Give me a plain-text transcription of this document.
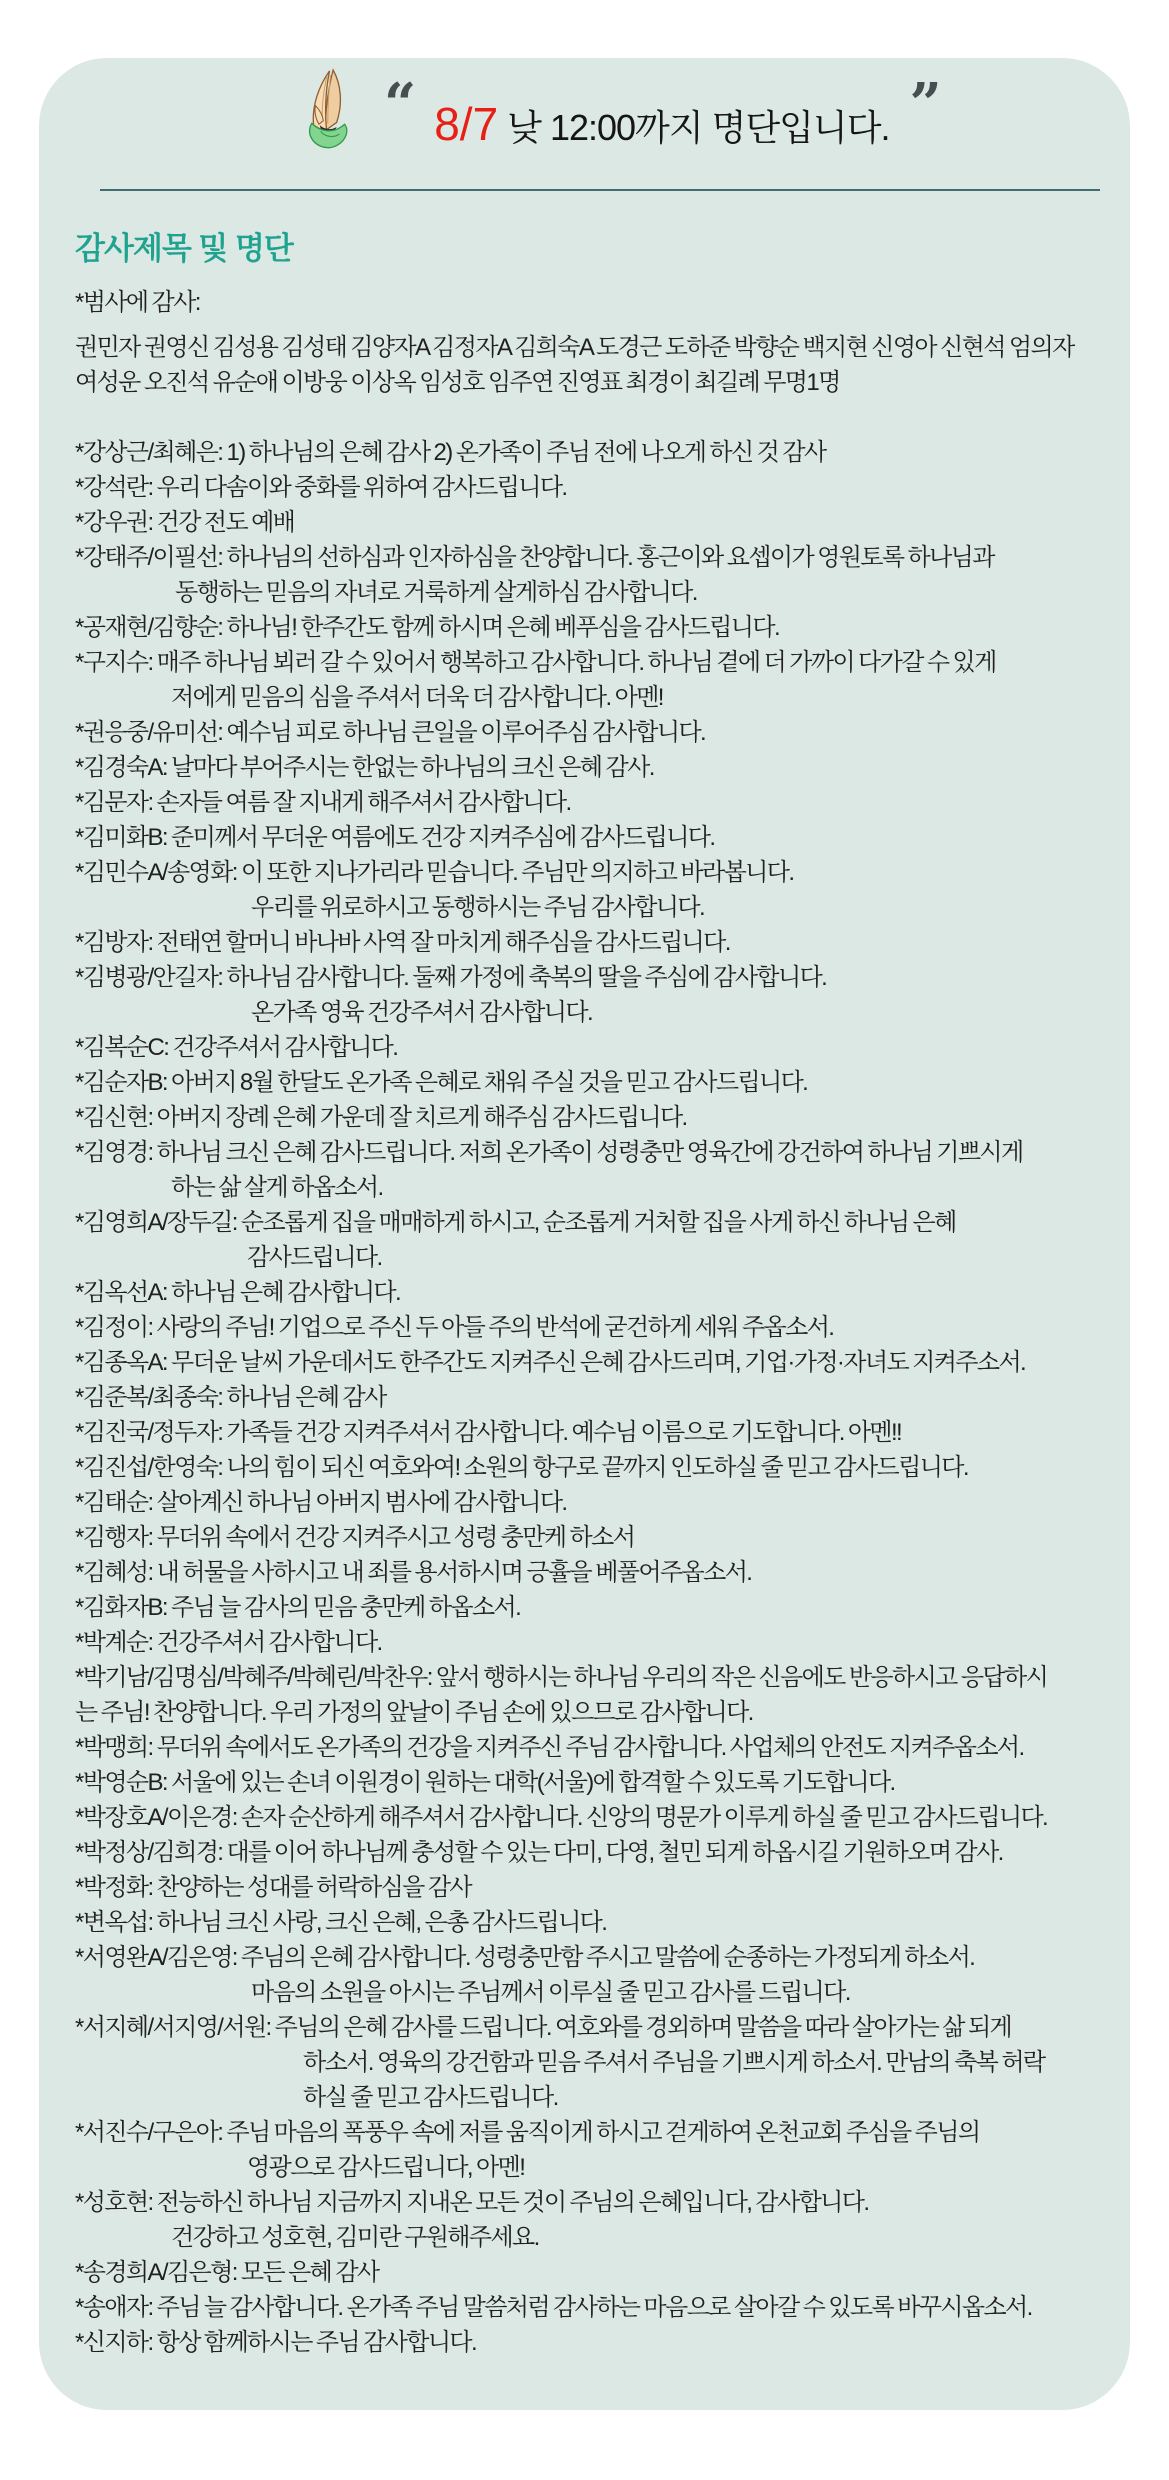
“ 8/7 낮 12:00까지 명단입니다. ”
감사제목 및 명단
*범사에 감사:
권민자 권영신 김성용 김성태 김양자A 김정자A 김희숙A 도경근 도하준 박향순 백지현 신영아 신현석 엄의자
여성운 오진석 유순애 이방웅 이상옥 임성호 임주연 진영표 최경이 최길례 무명1명

*강상근/최혜은: 1) 하나님의 은혜 감사 2) 온가족이 주님 전에 나오게 하신 것 감사
*강석란: 우리 다솜이와 중화를 위하여 감사드립니다.
*강우권: 건강 전도 예배
*강태주/이필선: 하나님의 선하심과 인자하심을 찬양합니다. 홍근이와 요셉이가 영원토록 하나님과
동행하는 믿음의 자녀로 거룩하게 살게하심 감사합니다.
*공재현/김향순: 하나님! 한주간도 함께 하시며 은혜 베푸심을 감사드립니다.
*구지수: 매주 하나님 뵈러 갈 수 있어서 행복하고 감사합니다. 하나님 곁에 더 가까이 다가갈 수 있게
저에게 믿음의 심을 주셔서 더욱 더 감사합니다. 아멘!
*권응중/유미선: 예수님 피로 하나님 큰일을 이루어주심 감사합니다.
*김경숙A: 날마다 부어주시는 한없는 하나님의 크신 은혜 감사.
*김문자: 손자들 여름 잘 지내게 해주셔서 감사합니다.
*김미화B: 준미께서 무더운 여름에도 건강 지켜주심에 감사드립니다.
*김민수A/송영화: 이 또한 지나가리라 믿습니다. 주님만 의지하고 바라봅니다.
우리를 위로하시고 동행하시는 주님 감사합니다.
*김방자: 전태연 할머니 바나바 사역 잘 마치게 해주심을 감사드립니다.
*김병광/안길자: 하나님 감사합니다. 둘째 가정에 축복의 딸을 주심에 감사합니다.
온가족 영육 건강주셔서 감사합니다.
*김복순C: 건강주셔서 감사합니다.
*김순자B: 아버지 8월 한달도 온가족 은혜로 채워 주실 것을 믿고 감사드립니다.
*김신현: 아버지 장례 은혜 가운데 잘 치르게 해주심 감사드립니다.
*김영경: 하나님 크신 은혜 감사드립니다. 저희 온가족이 성령충만 영육간에 강건하여 하나님 기쁘시게
하는 삶 살게 하옵소서.
*김영희A/장두길: 순조롭게 집을 매매하게 하시고, 순조롭게 거처할 집을 사게 하신 하나님 은혜
감사드립니다.
*김옥선A: 하나님 은혜 감사합니다.
*김정이: 사랑의 주님! 기업으로 주신 두 아들 주의 반석에 굳건하게 세워 주옵소서.
*김종옥A: 무더운 날씨 가운데서도 한주간도 지켜주신 은혜 감사드리며, 기업·가정·자녀도 지켜주소서.
*김준복/최종숙: 하나님 은혜 감사
*김진국/정두자: 가족들 건강 지켜주셔서 감사합니다. 예수님 이름으로 기도합니다. 아멘!!
*김진섭/한영숙: 나의 힘이 되신 여호와여! 소원의 항구로 끝까지 인도하실 줄 믿고 감사드립니다.
*김태순: 살아계신 하나님 아버지 범사에 감사합니다.
*김행자: 무더위 속에서 건강 지켜주시고 성령 충만케 하소서
*김혜성: 내 허물을 사하시고 내 죄를 용서하시며 긍휼을 베풀어주옵소서.
*김화자B: 주님 늘 감사의 믿음 충만케 하옵소서.
*박계순: 건강주셔서 감사합니다.
*박기남/김명심/박혜주/박혜린/박찬우: 앞서 행하시는 하나님 우리의 작은 신음에도 반응하시고 응답하시
는 주님! 찬양합니다. 우리 가정의 앞날이 주님 손에 있으므로 감사합니다.
*박맹희: 무더위 속에서도 온가족의 건강을 지켜주신 주님 감사합니다. 사업체의 안전도 지켜주옵소서.
*박영순B: 서울에 있는 손녀 이원경이 원하는 대학(서울)에 합격할 수 있도록 기도합니다.
*박장호A/이은경: 손자 순산하게 해주셔서 감사합니다. 신앙의 명문가 이루게 하실 줄 믿고 감사드립니다.
*박정상/김희경: 대를 이어 하나님께 충성할 수 있는 다미, 다영, 철민 되게 하옵시길 기원하오며 감사.
*박정화: 찬양하는 성대를 허락하심을 감사
*변옥섭: 하나님 크신 사랑, 크신 은혜, 은총 감사드립니다.
*서영완A/김은영: 주님의 은혜 감사합니다. 성령충만함 주시고 말씀에 순종하는 가정되게 하소서.
마음의 소원을 아시는 주님께서 이루실 줄 믿고 감사를 드립니다.
*서지혜/서지영/서원: 주님의 은혜 감사를 드립니다. 여호와를 경외하며 말씀을 따라 살아가는 삶 되게
하소서. 영육의 강건함과 믿음 주셔서 주님을 기쁘시게 하소서. 만남의 축복 허락
하실 줄 믿고 감사드립니다.
*서진수/구은아: 주님 마음의 폭풍우 속에 저를 움직이게 하시고 걷게하여 온천교회 주심을 주님의
영광으로 감사드립니다, 아멘!
*성호현: 전능하신 하나님 지금까지 지내온 모든 것이 주님의 은혜입니다, 감사합니다.
건강하고 성호현, 김미란 구원해주세요.
*송경희A/김은형: 모든 은혜 감사
*송애자: 주님 늘 감사합니다. 온가족 주님 말씀처럼 감사하는 마음으로 살아갈 수 있도록 바꾸시옵소서.
*신지하: 항상 함께하시는 주님 감사합니다.
